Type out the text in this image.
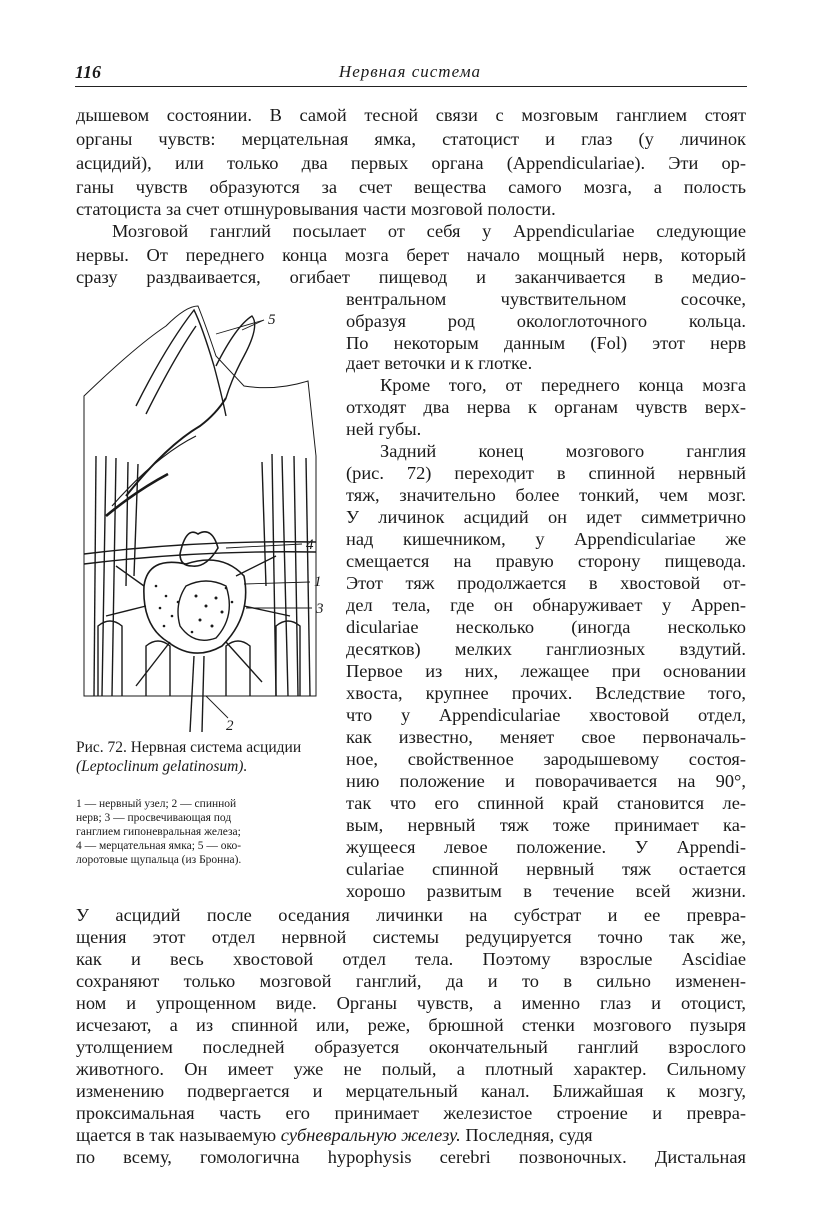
116	Нервная система
дышевом состоянии. В самой тесной связи с мозговым ганглием стоят
органы чувств: мерцательная ямка, статоцист и глаз (у личинок
асцидий), или только два первых органа (Appendiculariae). Эти ор-
ганы чувств образуются за счет вещества самого мозга, а полость
статоциста за счет отшнуровывания части мозговой полости.
Мозговой ганглий посылает от себя у Appendiculariae следующие
нервы. От переднего конца мозга берет начало мощный нерв, который
сразу раздваивается, огибает пищевод и заканчивается в медио-
вентральном чувствительном сосочке,
образуя род окологлоточного кольца.
По некоторым данным (Fol) этот нерв
дает веточки и к глотке.
Кроме того, от переднего конца мозга
отходят два нерва к органам чувств верх-
ней губы.
Задний конец мозгового ганглия
(рис. 72) переходит в спинной нервный
тяж, значительно более тонкий, чем мозг.
У личинок асцидий он идет симметрично
над кишечником, у Appendiculariae же
смещается на правую сторону пищевода.
Этот тяж продолжается в хвостовой от-
дел тела, где он обнаруживает у Appen-
diculariae несколько (иногда несколько
десятков) мелких ганглиозных вздутий.
Первое из них, лежащее при основании
хвоста, крупнее прочих. Вследствие того,
что у Appendiculariae хвостовой отдел,
как известно, меняет свое первоначаль-
ное, свойственное зародышевому состоя-
нию положение и поворачивается на 90°,
так что его спинной край становится ле-
вым, нервный тяж тоже принимает ка-
жущееся левое положение. У Appendi-
culariae спинной нервный тяж остается
хорошо развитым в течение всей жизни.
5
4
1
3
2
Рис. 72. Нервная система асцидии (Leptoclinum gelatinosum).
1 — нервный узел; 2 — спинной
нерв; 3 — просвечивающая под
ганглием гипоневральная железа;
4 — мерцательная ямка; 5 — око-
лоротовые щупальца (из Бронна).
У асцидий после оседания личинки на субстрат и ее превра-
щения этот отдел нервной системы редуцируется точно так же,
как и весь хвостовой отдел тела. Поэтому взрослые Ascidiae
сохраняют только мозговой ганглий, да и то в сильно изменен-
ном и упрощенном виде. Органы чувств, а именно глаз и отоцист,
исчезают, а из спинной или, реже, брюшной стенки мозгового пузыря
утолщением последней образуется окончательный ганглий взрослого
животного. Он имеет уже не полый, а плотный характер. Сильному
изменению подвергается и мерцательный канал. Ближайшая к мозгу,
проксимальная часть его принимает железистое строение и превра-
щается в так называемую субневральную железу. Последняя, судя
по всему, гомологична hypophysis cerebri позвоночных. Дистальная
